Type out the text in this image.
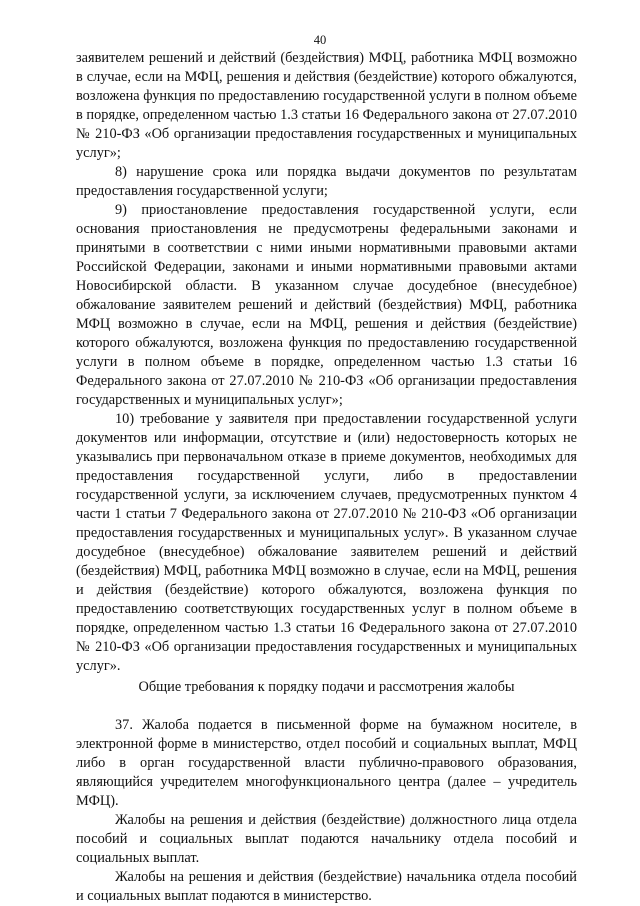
40

заявителем решений и действий (бездействия) МФЦ, работника МФЦ возможно в случае, если на МФЦ, решения и действия (бездействие) которого обжалуются, возложена функция по предоставлению государственной услуги в полном объеме в порядке, определенном частью 1.3 статьи 16 Федерального закона от 27.07.2010 № 210-ФЗ «Об организации предоставления государственных и муниципальных услуг»;

8) нарушение срока или порядка выдачи документов по результатам предоставления государственной услуги;

9) приостановление предоставления государственной услуги, если основания приостановления не предусмотрены федеральными законами и принятыми в соответствии с ними иными нормативными правовыми актами Российской Федерации, законами и иными нормативными правовыми актами Новосибирской области. В указанном случае досудебное (внесудебное) обжалование заявителем решений и действий (бездействия) МФЦ, работника МФЦ возможно в случае, если на МФЦ, решения и действия (бездействие) которого обжалуются, возложена функция по предоставлению государственной услуги в полном объеме в порядке, определенном частью 1.3 статьи 16 Федерального закона от 27.07.2010 № 210-ФЗ «Об организации предоставления государственных и муниципальных услуг»;

10) требование у заявителя при предоставлении государственной услуги документов или информации, отсутствие и (или) недостоверность которых не указывались при первоначальном отказе в приеме документов, необходимых для предоставления государственной услуги, либо в предоставлении государственной услуги, за исключением случаев, предусмотренных пунктом 4 части 1 статьи 7 Федерального закона от 27.07.2010 № 210-ФЗ «Об организации предоставления государственных и муниципальных услуг». В указанном случае досудебное (внесудебное) обжалование заявителем решений и действий (бездействия) МФЦ, работника МФЦ возможно в случае, если на МФЦ, решения и действия (бездействие) которого обжалуются, возложена функция по предоставлению соответствующих государственных услуг в полном объеме в порядке, определенном частью 1.3 статьи 16 Федерального закона от 27.07.2010 № 210-ФЗ «Об организации предоставления государственных и муниципальных услуг».

Общие требования к порядку подачи и рассмотрения жалобы

37. Жалоба подается в письменной форме на бумажном носителе, в электронной форме в министерство, отдел пособий и социальных выплат, МФЦ либо в орган государственной власти публично-правового образования, являющийся учредителем многофункционального центра (далее – учредитель МФЦ).

Жалобы на решения и действия (бездействие) должностного лица отдела пособий и социальных выплат подаются начальнику отдела пособий и социальных выплат.

Жалобы на решения и действия (бездействие) начальника отдела пособий и социальных выплат подаются в министерство.
